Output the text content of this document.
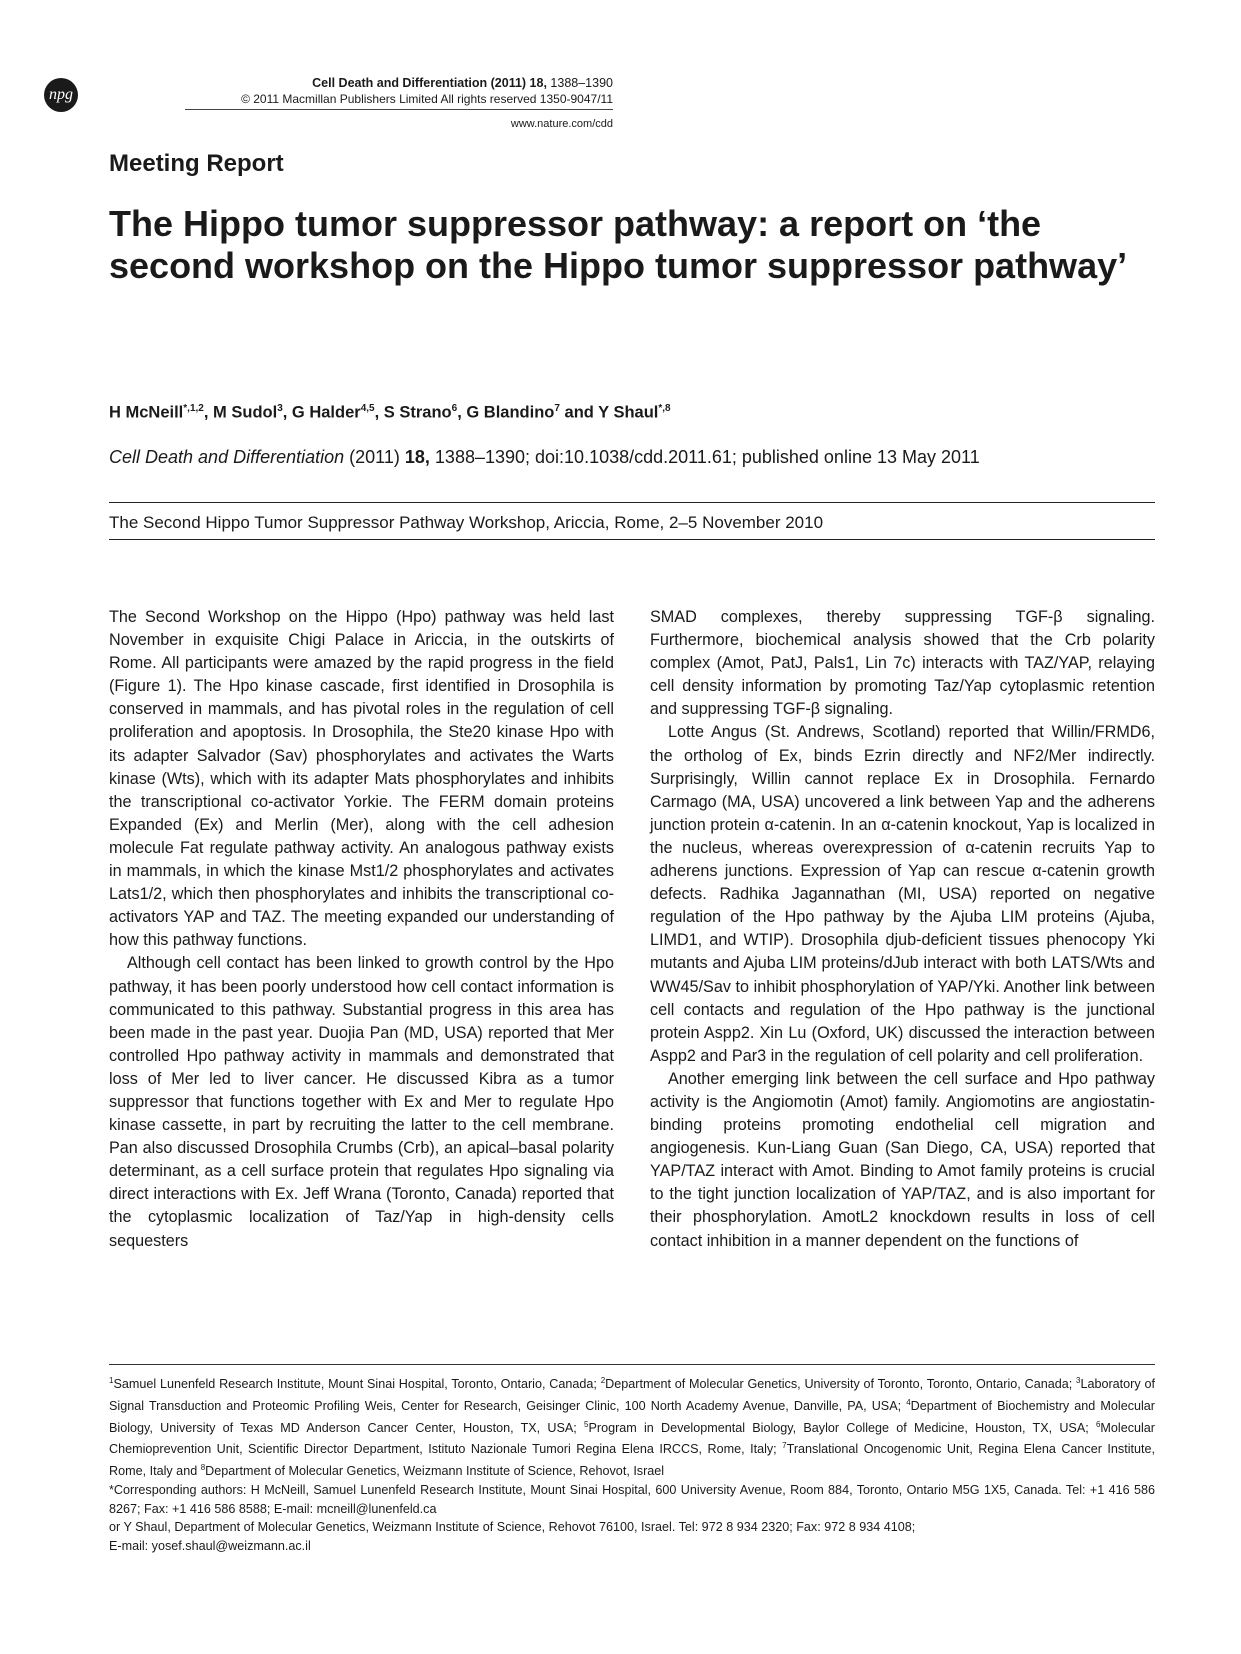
npg
Cell Death and Differentiation (2011) 18, 1388–1390
© 2011 Macmillan Publishers Limited All rights reserved 1350-9047/11
www.nature.com/cdd
Meeting Report
The Hippo tumor suppressor pathway: a report on ‘the second workshop on the Hippo tumor suppressor pathway’
H McNeill$^{*,1,2}$, M Sudol$^3$, G Halder$^{4,5}$, S Strano$^6$, G Blandino$^7$ and Y Shaul$^{*,8}$
Cell Death and Differentiation (2011) 18, 1388–1390; doi:10.1038/cdd.2011.61; published online 13 May 2011
The Second Hippo Tumor Suppressor Pathway Workshop, Ariccia, Rome, 2–5 November 2010

The Second Workshop on the Hippo (Hpo) pathway was held last November in exquisite Chigi Palace in Ariccia, in the outskirts of Rome. All participants were amazed by the rapid progress in the field (Figure 1). The Hpo kinase cascade, first identified in Drosophila is conserved in mammals, and has pivotal roles in the regulation of cell proliferation and apoptosis. In Drosophila, the Ste20 kinase Hpo with its adapter Salvador (Sav) phosphorylates and activates the Warts kinase (Wts), which with its adapter Mats phosphorylates and inhibits the transcriptional co-activator Yorkie. The FERM domain proteins Expanded (Ex) and Merlin (Mer), along with the cell adhesion molecule Fat regulate pathway activity. An analogous pathway exists in mammals, in which the kinase Mst1/2 phosphorylates and activates Lats1/2, which then phosphorylates and inhibits the transcriptional co-activators YAP and TAZ. The meeting expanded our understanding of how this pathway functions.

Although cell contact has been linked to growth control by the Hpo pathway, it has been poorly understood how cell contact information is communicated to this pathway. Substantial progress in this area has been made in the past year. Duojia Pan (MD, USA) reported that Mer controlled Hpo pathway activity in mammals and demonstrated that loss of Mer led to liver cancer. He discussed Kibra as a tumor suppressor that functions together with Ex and Mer to regulate Hpo kinase cassette, in part by recruiting the latter to the cell membrane. Pan also discussed Drosophila Crumbs (Crb), an apical–basal polarity determinant, as a cell surface protein that regulates Hpo signaling via direct interactions with Ex. Jeff Wrana (Toronto, Canada) reported that the cytoplasmic localization of Taz/Yap in high-density cells sequesters

SMAD complexes, thereby suppressing TGF-β signaling. Furthermore, biochemical analysis showed that the Crb polarity complex (Amot, PatJ, Pals1, Lin 7c) interacts with TAZ/YAP, relaying cell density information by promoting Taz/Yap cytoplasmic retention and suppressing TGF-β signaling.

Lotte Angus (St. Andrews, Scotland) reported that Willin/FRMD6, the ortholog of Ex, binds Ezrin directly and NF2/Mer indirectly. Surprisingly, Willin cannot replace Ex in Drosophila. Fernardo Carmago (MA, USA) uncovered a link between Yap and the adherens junction protein α-catenin. In an α-catenin knockout, Yap is localized in the nucleus, whereas overexpression of α-catenin recruits Yap to adherens junctions. Expression of Yap can rescue α-catenin growth defects. Radhika Jagannathan (MI, USA) reported on negative regulation of the Hpo pathway by the Ajuba LIM proteins (Ajuba, LIMD1, and WTIP). Drosophila djub-deficient tissues phenocopy Yki mutants and Ajuba LIM proteins/dJub interact with both LATS/Wts and WW45/Sav to inhibit phosphorylation of YAP/Yki. Another link between cell contacts and regulation of the Hpo pathway is the junctional protein Aspp2. Xin Lu (Oxford, UK) discussed the interaction between Aspp2 and Par3 in the regulation of cell polarity and cell proliferation.

Another emerging link between the cell surface and Hpo pathway activity is the Angiomotin (Amot) family. Angiomotins are angiostatin-binding proteins promoting endothelial cell migration and angiogenesis. Kun-Liang Guan (San Diego, CA, USA) reported that YAP/TAZ interact with Amot. Binding to Amot family proteins is crucial to the tight junction localization of YAP/TAZ, and is also important for their phosphorylation. AmotL2 knockdown results in loss of cell contact inhibition in a manner dependent on the functions of

$^1$Samuel Lunenfeld Research Institute, Mount Sinai Hospital, Toronto, Ontario, Canada; $^2$Department of Molecular Genetics, University of Toronto, Toronto, Ontario, Canada; $^3$Laboratory of Signal Transduction and Proteomic Profiling Weis, Center for Research, Geisinger Clinic, 100 North Academy Avenue, Danville, PA, USA; $^4$Department of Biochemistry and Molecular Biology, University of Texas MD Anderson Cancer Center, Houston, TX, USA; $^5$Program in Developmental Biology, Baylor College of Medicine, Houston, TX, USA; $^6$Molecular Chemioprevention Unit, Scientific Director Department, Istituto Nazionale Tumori Regina Elena IRCCS, Rome, Italy; $^7$Translational Oncogenomic Unit, Regina Elena Cancer Institute, Rome, Italy and $^8$Department of Molecular Genetics, Weizmann Institute of Science, Rehovot, Israel

*Corresponding authors: H McNeill, Samuel Lunenfeld Research Institute, Mount Sinai Hospital, 600 University Avenue, Room 884, Toronto, Ontario M5G 1X5, Canada. Tel: +1 416 586 8267; Fax: +1 416 586 8588; E-mail: mcneill@lunenfeld.ca

or Y Shaul, Department of Molecular Genetics, Weizmann Institute of Science, Rehovot 76100, Israel. Tel: 972 8 934 2320; Fax: 972 8 934 4108;

E-mail: yosef.shaul@weizmann.ac.il
